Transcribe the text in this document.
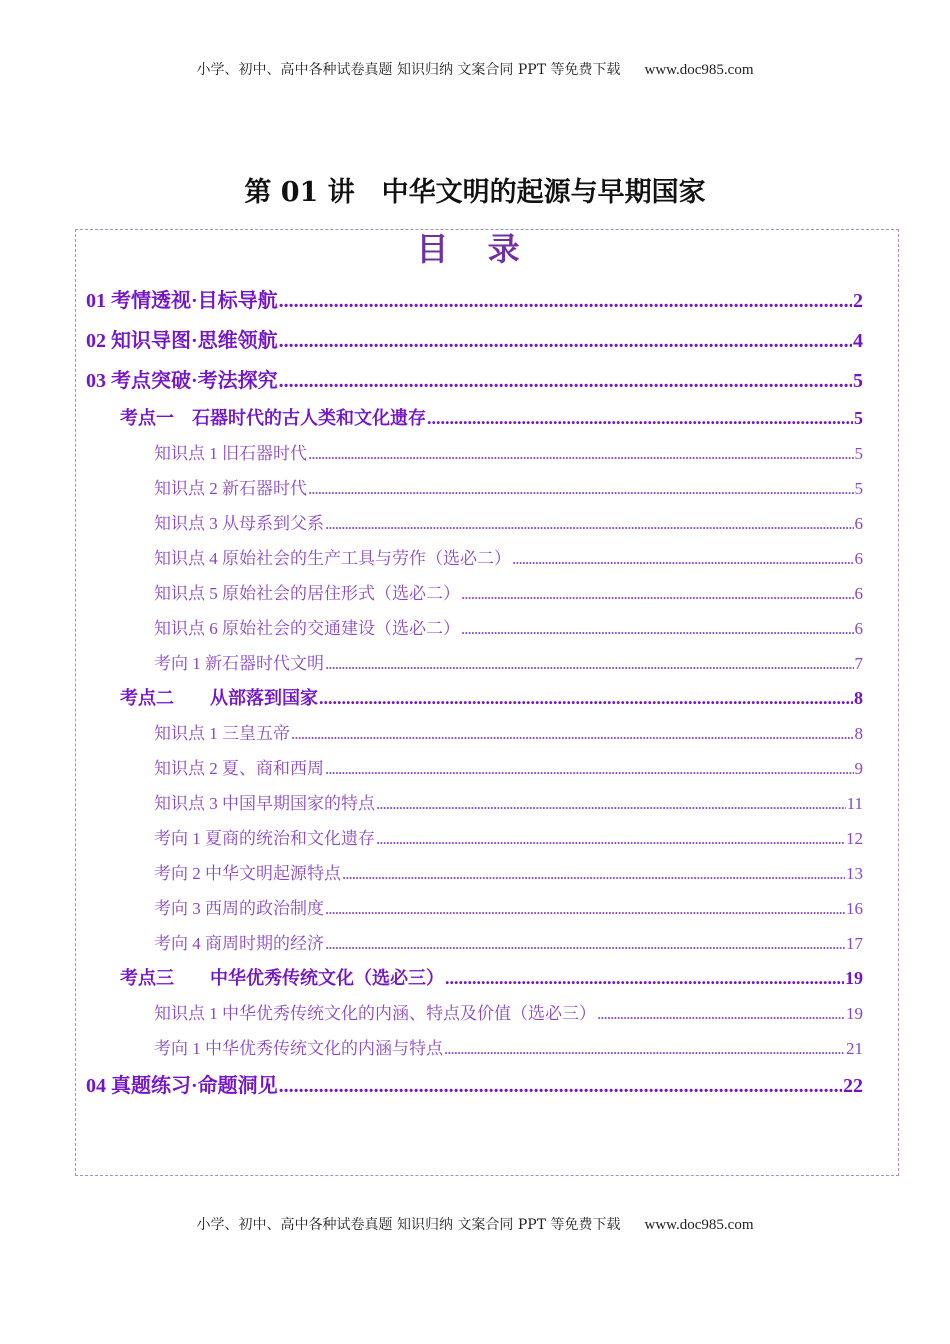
小学、初中、高中各种试卷真题 知识归纳 文案合同 PPT 等免费下载 www.doc985.com
第 01 讲　中华文明的起源与早期国家
目 录
01 考情透视·目标导航 .....	2
02 知识导图·思维领航 .....	4
03 考点突破·考法探究 .....	5
考点一　石器时代的古人类和文化遗存 .....	5
知识点 1 旧石器时代 .....	5
知识点 2 新石器时代 .....	5
知识点 3 从母系到父系 .....	6
知识点 4 原始社会的生产工具与劳作（选必二） .....	6
知识点 5 原始社会的居住形式（选必二） .....	6
知识点 6 原始社会的交通建设（选必二） .....	6
考向 1 新石器时代文明 .....	7
考点二　　从部落到国家 .....	8
知识点 1 三皇五帝 .....	8
知识点 2 夏、商和西周 .....	9
知识点 3 中国早期国家的特点 .....	11
考向 1 夏商的统治和文化遗存 .....	12
考向 2 中华文明起源特点 .....	13
考向 3 西周的政治制度 .....	16
考向 4 商周时期的经济 .....	17
考点三　　中华优秀传统文化（选必三） .....	19
知识点 1 中华优秀传统文化的内涵、特点及价值（选必三） .....	19
考向 1 中华优秀传统文化的内涵与特点 .....	21
04 真题练习·命题洞见 .....	22
小学、初中、高中各种试卷真题 知识归纳 文案合同 PPT 等免费下载 www.doc985.com
